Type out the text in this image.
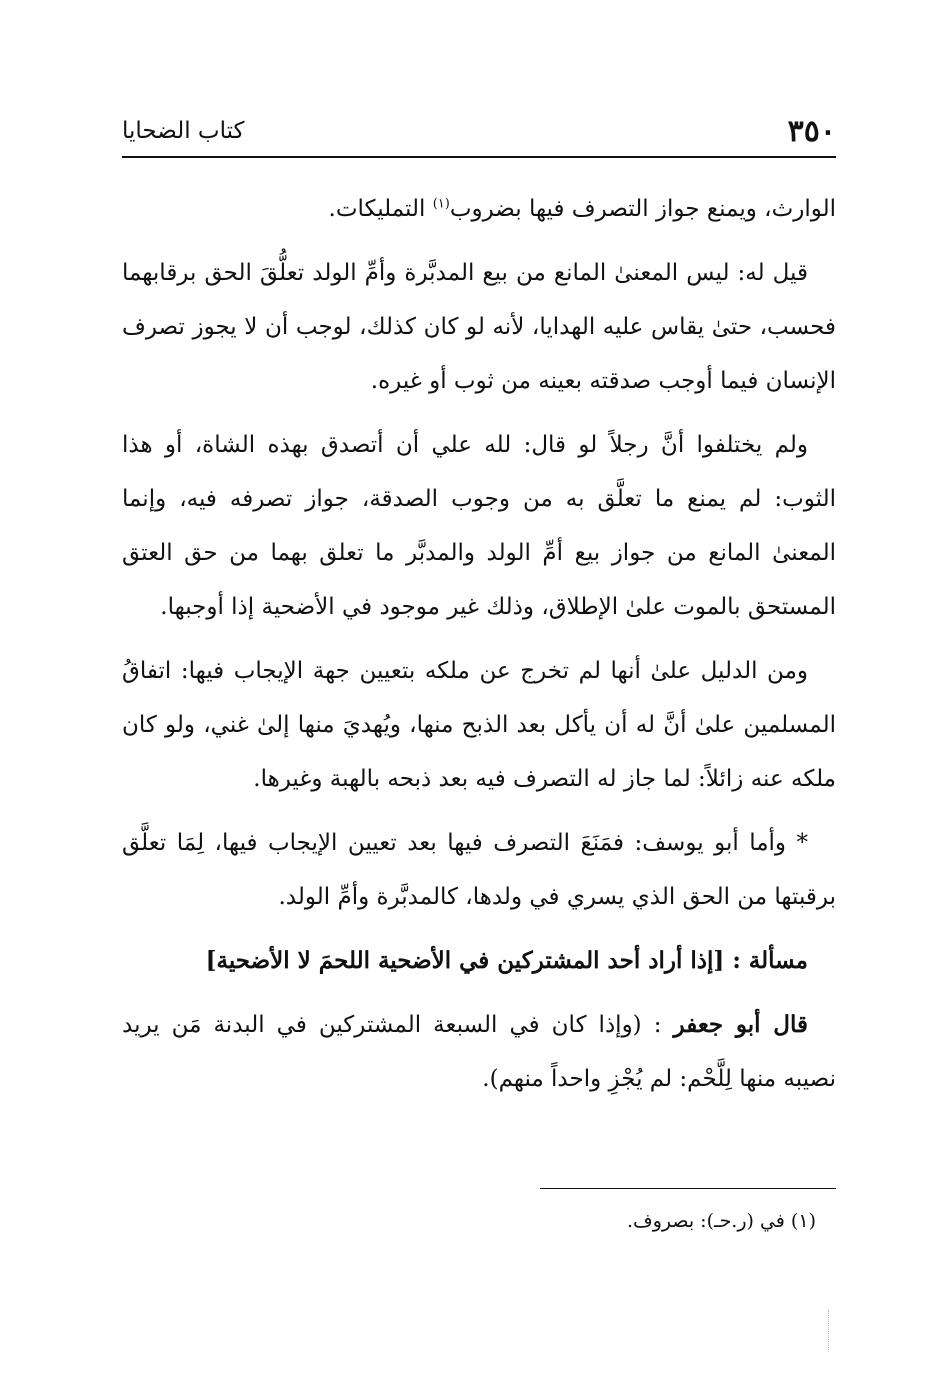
٣٥٠
كتاب الضحايا

الوارث، ويمنع جواز التصرف فيها بضروب$^{(١)}$ التمليكات.

قيل له: ليس المعنىٰ المانع من بيع المدبَّرة وأمِّ الولد تعلُّقَ الحق برقابهما فحسب، حتىٰ يقاس عليه الهدايا، لأنه لو كان كذلك، لوجب أن لا يجوز تصرف الإنسان فيما أوجب صدقته بعينه من ثوب أو غيره.

ولم يختلفوا أنَّ رجلاً لو قال: لله علي أن أتصدق بهذه الشاة، أو هذا الثوب: لم يمنع ما تعلَّق به من وجوب الصدقة، جواز تصرفه فيه، وإنما المعنىٰ المانع من جواز بيع أمِّ الولد والمدبَّر ما تعلق بهما من حق العتق المستحق بالموت علىٰ الإطلاق، وذلك غير موجود في الأضحية إذا أوجبها.

ومن الدليل علىٰ أنها لم تخرج عن ملكه بتعيين جهة الإيجاب فيها: اتفاقُ المسلمين علىٰ أنَّ له أن يأكل بعد الذبح منها، ويُهديَ منها إلىٰ غني، ولو كان ملكه عنه زائلاً: لما جاز له التصرف فيه بعد ذبحه بالهبة وغيرها.

* وأما أبو يوسف: فمَنَعَ التصرف فيها بعد تعيين الإيجاب فيها، لِمَا تعلَّق برقبتها من الحق الذي يسري في ولدها، كالمدبَّرة وأمِّ الولد.

مسألة : [إذا أراد أحد المشتركين في الأضحية اللحمَ لا الأضحية]

قال أبو جعفر : (وإذا كان في السبعة المشتركين في البدنة مَن يريد نصيبه منها لِلَّحْم: لم يُجْزِ واحداً منهم).

(١) في (ر.حـ): بصروف.
